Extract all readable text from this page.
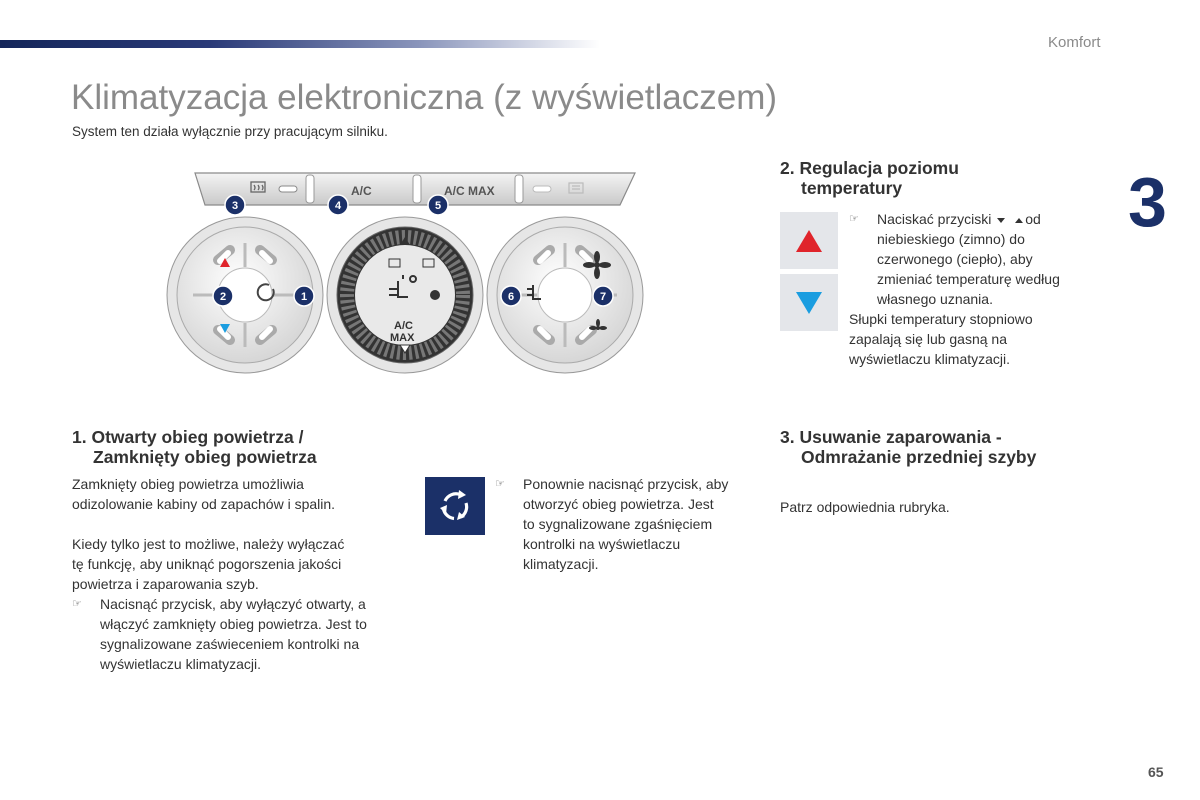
Komfort
Klimatyzacja elektroniczna (z wyświetlaczem)
System ten działa wyłącznie przy pracującym silniku.
3
A/C	A/C MAX
A/C
MAX
3	4	5
2	1	6	7
2. Regulacja poziomu
temperatury
☞ Naciskać przyciski od
niebieskiego (zimno) do
czerwonego (ciepło), aby
zmieniać temperaturę według
własnego uznania.
Słupki temperatury stopniowo
zapalają się lub gasną na
wyświetlaczu klimatyzacji.
1. Otwarty obieg powietrza /
Zamknięty obieg powietrza
Zamknięty obieg powietrza umożliwia
odizolowanie kabiny od zapachów i spalin.
Kiedy tylko jest to możliwe, należy wyłączać
tę funkcję, aby uniknąć pogorszenia jakości
powietrza i zaparowania szyb.
☞ Nacisnąć przycisk, aby wyłączyć otwarty, a
włączyć zamknięty obieg powietrza. Jest to
sygnalizowane zaświeceniem kontrolki na
wyświetlaczu klimatyzacji.
☞ Ponownie nacisnąć przycisk, aby
otworzyć obieg powietrza. Jest
to sygnalizowane zgaśnięciem
kontrolki na wyświetlaczu
klimatyzacji.
3. Usuwanie zaparowania -
Odmrażanie przedniej szyby
Patrz odpowiednia rubryka.
65
